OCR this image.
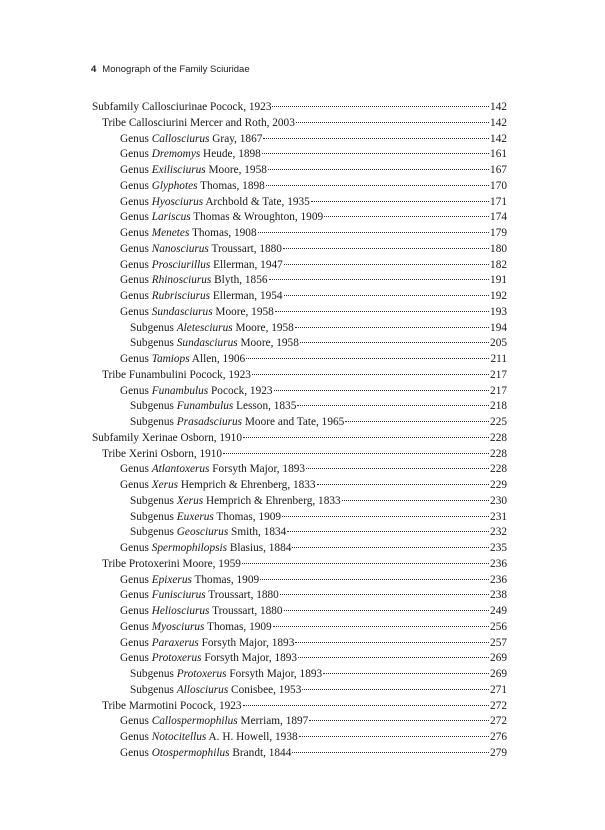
4 Monograph of the Family Sciuridae
Subfamily Callosciurinae Pocock, 1923	142
Tribe Callosciurini Mercer and Roth, 2003	142
Genus Callosciurus Gray, 1867	142
Genus Dremomys Heude, 1898	161
Genus Exilisciurus Moore, 1958	167
Genus Glyphotes Thomas, 1898	170
Genus Hyosciurus Archbold & Tate, 1935	171
Genus Lariscus Thomas & Wroughton, 1909	174
Genus Menetes Thomas, 1908	179
Genus Nanosciurus Troussart, 1880	180
Genus Prosciurillus Ellerman, 1947	182
Genus Rhinosciurus Blyth, 1856	191
Genus Rubrisciurus Ellerman, 1954	192
Genus Sundasciurus Moore, 1958	193
Subgenus Aletesciurus Moore, 1958	194
Subgenus Sundasciurus Moore, 1958	205
Genus Tamiops Allen, 1906	211
Tribe Funambulini Pocock, 1923	217
Genus Funambulus Pocock, 1923	217
Subgenus Funambulus Lesson, 1835	218
Subgenus Prasadsciurus Moore and Tate, 1965	225
Subfamily Xerinae Osborn, 1910	228
Tribe Xerini Osborn, 1910	228
Genus Atlantoxerus Forsyth Major, 1893	228
Genus Xerus Hemprich & Ehrenberg, 1833	229
Subgenus Xerus Hemprich & Ehrenberg, 1833	230
Subgenus Euxerus Thomas, 1909	231
Subgenus Geosciurus Smith, 1834	232
Genus Spermophilopsis Blasius, 1884	235
Tribe Protoxerini Moore, 1959	236
Genus Epixerus Thomas, 1909	236
Genus Funisciurus Troussart, 1880	238
Genus Heliosciurus Troussart, 1880	249
Genus Myosciurus Thomas, 1909	256
Genus Paraxerus Forsyth Major, 1893	257
Genus Protoxerus Forsyth Major, 1893	269
Subgenus Protoxerus Forsyth Major, 1893	269
Subgenus Allosciurus Conisbee, 1953	271
Tribe Marmotini Pocock, 1923	272
Genus Callospermophilus Merriam, 1897	272
Genus Notocitellus A. H. Howell, 1938	276
Genus Otospermophilus Brandt, 1844	279
